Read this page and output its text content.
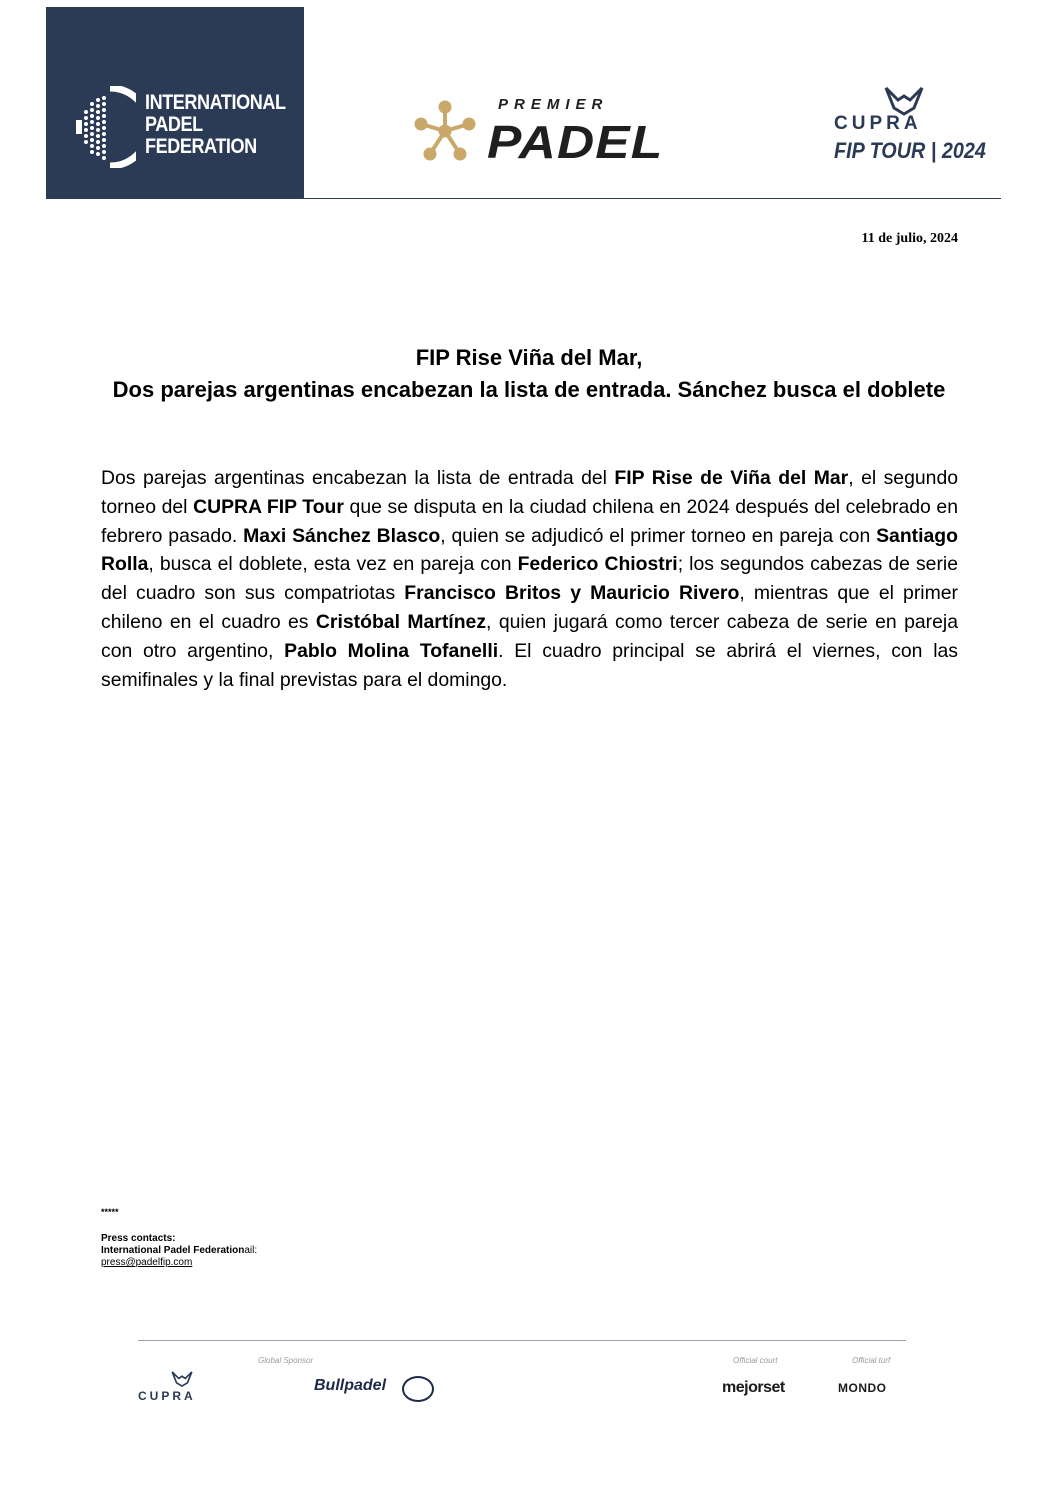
INTERNATIONAL
PADEL
FEDERATION
PREMIER
PADEL	CUPRA
FIP TOUR | 2024
11 de julio, 2024
FIP Rise Viña del Mar,
Dos parejas argentinas encabezan la lista de entrada. Sánchez busca el doblete
Dos parejas argentinas encabezan la lista de entrada del FIP Rise de Viña del Mar, el segundo torneo del CUPRA FIP Tour que se disputa en la ciudad chilena en 2024 después del celebrado en febrero pasado. Maxi Sánchez Blasco, quien se adjudicó el primer torneo en pareja con Santiago Rolla, busca el doblete, esta vez en pareja con Federico Chiostri; los segundos cabezas de serie del cuadro son sus compatriotas Francisco Britos y Mauricio Rivero, mientras que el primer chileno en el cuadro es Cristóbal Martínez, quien jugará como tercer cabeza de serie en pareja con otro argentino, Pablo Molina Tofanelli. El cuadro principal se abrirá el viernes, con las semifinales y la final previstas para el domingo.
*****
Press contacts:
International Padel Federationail:
press@padelfip.com
Global Sponsor	Official court	Official turf
CUPRA
Bullpadel	mejorset	MONDO
